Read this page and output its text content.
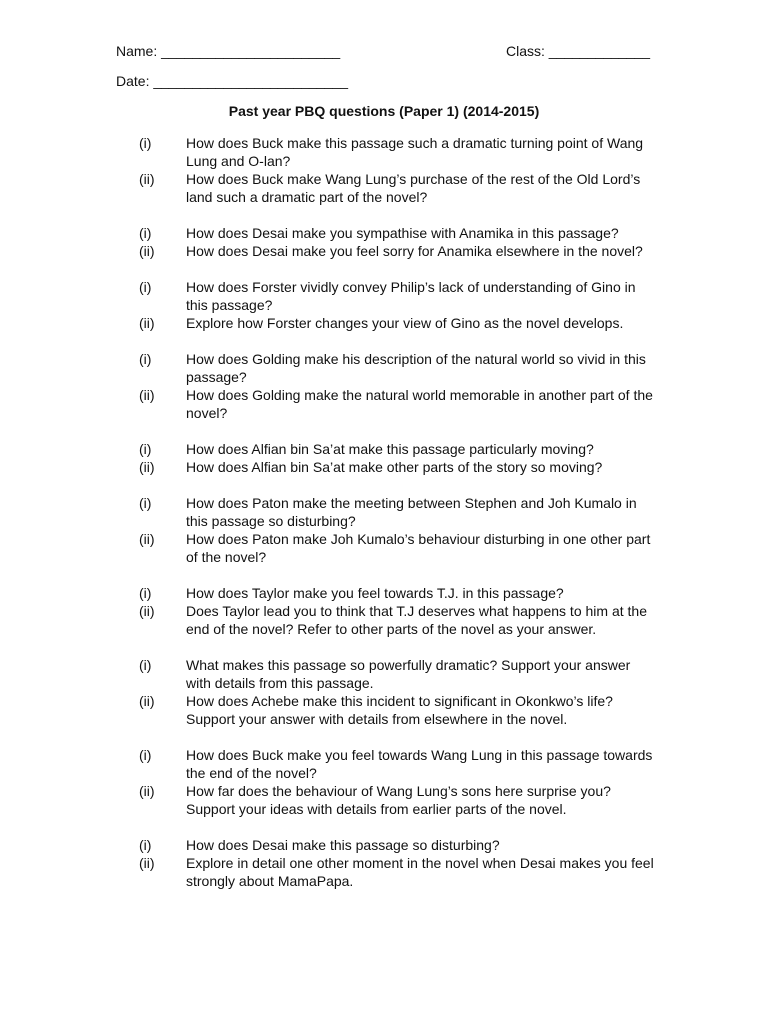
Name: _______________________	Class: _____________
Date: _________________________
Past year PBQ questions (Paper 1) (2014-2015)
(i)	How does Buck make this passage such a dramatic turning point of Wang Lung and O-lan?
(ii)	How does Buck make Wang Lung’s purchase of the rest of the Old Lord’s land such a dramatic part of the novel?
(i)	How does Desai make you sympathise with Anamika in this passage?
(ii)	How does Desai make you feel sorry for Anamika elsewhere in the novel?
(i)	How does Forster vividly convey Philip’s lack of understanding of Gino in this passage?
(ii)	Explore how Forster changes your view of Gino as the novel develops.
(i)	How does Golding make his description of the natural world so vivid in this passage?
(ii)	How does Golding make the natural world memorable in another part of the novel?
(i)	How does Alfian bin Sa’at make this passage particularly moving?
(ii)	How does Alfian bin Sa’at make other parts of the story so moving?
(i)	How does Paton make the meeting between Stephen and Joh Kumalo in this passage so disturbing?
(ii)	How does Paton make Joh Kumalo’s behaviour disturbing in one other part of the novel?
(i)	How does Taylor make you feel towards T.J. in this passage?
(ii)	Does Taylor lead you to think that T.J deserves what happens to him at the end of the novel? Refer to other parts of the novel as your answer.
(i)	What makes this passage so powerfully dramatic? Support your answer with details from this passage.
(ii)	How does Achebe make this incident to significant in Okonkwo’s life? Support your answer with details from elsewhere in the novel.
(i)	How does Buck make you feel towards Wang Lung in this passage towards the end of the novel?
(ii)	How far does the behaviour of Wang Lung’s sons here surprise you? Support your ideas with details from earlier parts of the novel.
(i)	How does Desai make this passage so disturbing?
(ii)	Explore in detail one other moment in the novel when Desai makes you feel strongly about MamaPapa.
